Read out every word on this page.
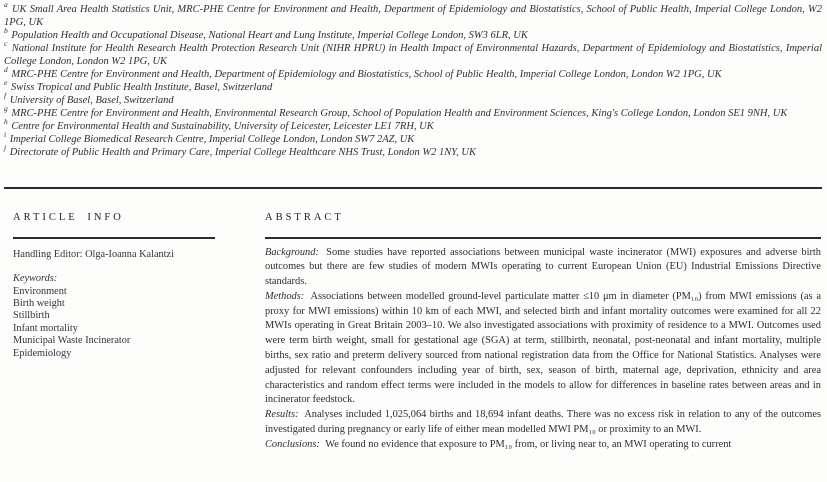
$^a$ UK Small Area Health Statistics Unit, MRC-PHE Centre for Environment and Health, Department of Epidemiology and Biostatistics, School of Public Health, Imperial College London, W2 1PG, UK
$^b$ Population Health and Occupational Disease, National Heart and Lung Institute, Imperial College London, SW3 6LR, UK
$^c$ National Institute for Health Research Health Protection Research Unit (NIHR HPRU) in Health Impact of Environmental Hazards, Department of Epidemiology and Biostatistics, Imperial College London, London W2 1PG, UK
$^d$ MRC-PHE Centre for Environment and Health, Department of Epidemiology and Biostatistics, School of Public Health, Imperial College London, London W2 1PG, UK
$^e$ Swiss Tropical and Public Health Institute, Basel, Switzerland
$^f$ University of Basel, Basel, Switzerland
$^g$ MRC-PHE Centre for Environment and Health, Environmental Research Group, School of Population Health and Environment Sciences, King's College London, London SE1 9NH, UK
$^h$ Centre for Environmental Health and Sustainability, University of Leicester, Leicester LE1 7RH, UK
$^i$ Imperial College Biomedical Research Centre, Imperial College London, London SW7 2AZ, UK
$^j$ Directorate of Public Health and Primary Care, Imperial College Healthcare NHS Trust, London W2 1NY, UK
ARTICLE INFO

Handling Editor: Olga-Ioanna Kalantzi

Keywords:

Environment
Birth weight
Stillbirth
Infant mortality
Municipal Waste Incinerator
Epidemiology
ABSTRACT

Background: Some studies have reported associations between municipal waste incinerator (MWI) exposures and adverse birth outcomes but there are few studies of modern MWIs operating to current European Union (EU) Industrial Emissions Directive standards.

Methods: Associations between modelled ground-level particulate matter ≤10 μm in diameter (PM₁₀) from MWI emissions (as a proxy for MWI emissions) within 10 km of each MWI, and selected birth and infant mortality outcomes were examined for all 22 MWIs operating in Great Britain 2003–10. We also investigated associations with proximity of residence to a MWI. Outcomes used were term birth weight, small for gestational age (SGA) at term, stillbirth, neonatal, post-neonatal and infant mortality, multiple births, sex ratio and preterm delivery sourced from national registration data from the Office for National Statistics. Analyses were adjusted for relevant confounders including year of birth, sex, season of birth, maternal age, deprivation, ethnicity and area characteristics and random effect terms were included in the models to allow for differences in baseline rates between areas and in incinerator feedstock.

Results: Analyses included 1,025,064 births and 18,694 infant deaths. There was no excess risk in relation to any of the outcomes investigated during pregnancy or early life of either mean modelled MWI PM₁₀ or proximity to an MWI.

Conclusions: We found no evidence that exposure to PM₁₀ from, or living near to, an MWI operating to current
